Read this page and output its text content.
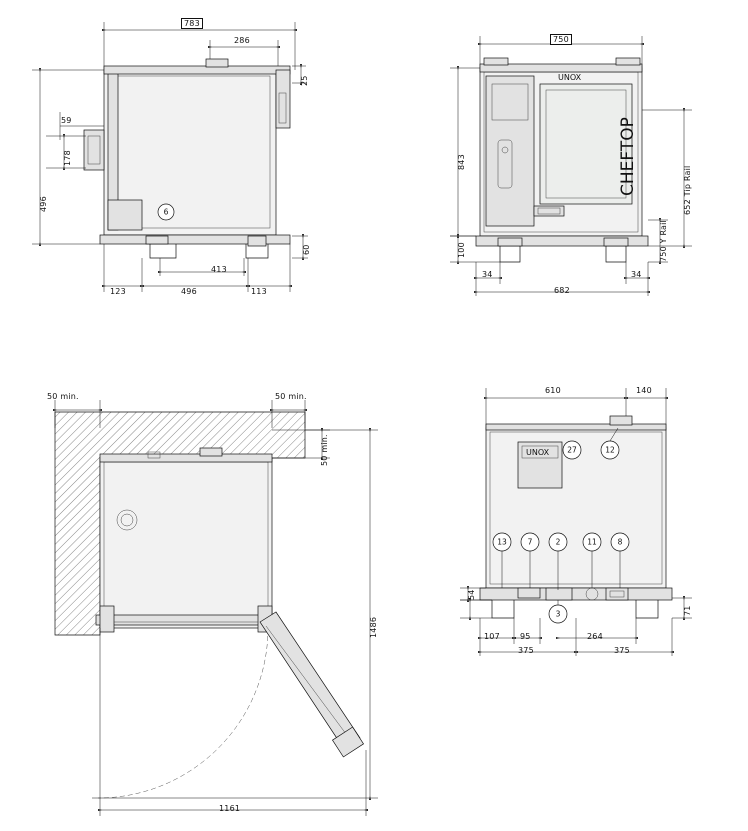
6
783
286
25
59
178
496
413
123	496	113
60
CHEFTOP
UNOX
750
843
100
652 Tip Rail
750 Y Rail
34	34
682
50 min.	50 min.
50 min.
1486
1161
UNOX 27	12
13	7	2	11	8
3
610	140
54
107	95	264
71
375	375
